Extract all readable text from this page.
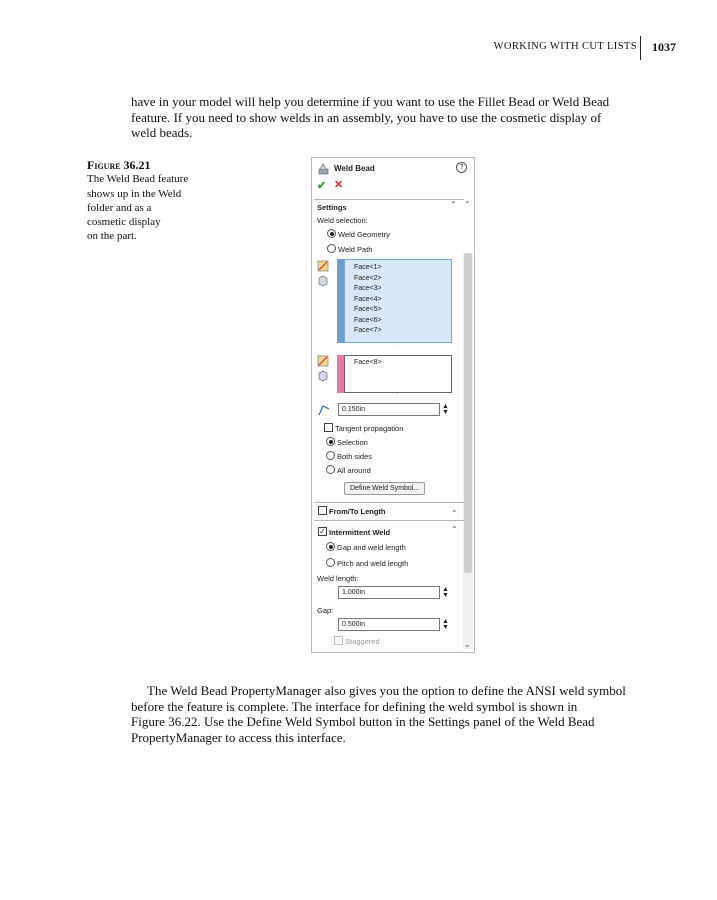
WORKING WITH CUT LISTS 1037
have in your model will help you determine if you want to use the Fillet Bead or Weld Bead
feature. If you need to show welds in an assembly, you have to use the cosmetic display of
weld beads.
Figure 36.21
The Weld Bead feature
shows up in the Weld
folder and as a
cosmetic display
on the part.
Weld Bead	?
✔ ✕
Settings	⌃ ⌃
Weld selection:
Weld Geometry
Weld Path
Face<1>
Face<2>
Face<3>
Face<4>
Face<5>
Face<6>
Face<7>
◦
Face<8>
◦
0.150in	▲
▼
Tangent propagation
Selection
Both sides
All around
Define Weld Symbol...
From/To Length	⌄
✓ Intermittent Weld	⌃
Gap and weld length
Pitch and weld length
Weld length:
1.000in	▲
▼
Gap:
0.500in	▲
▼
Staggered	⌄
The Weld Bead PropertyManager also gives you the option to define the ANSI weld symbol
before the feature is complete. The interface for defining the weld symbol is shown in
Figure 36.22. Use the Define Weld Symbol button in the Settings panel of the Weld Bead
PropertyManager to access this interface.
